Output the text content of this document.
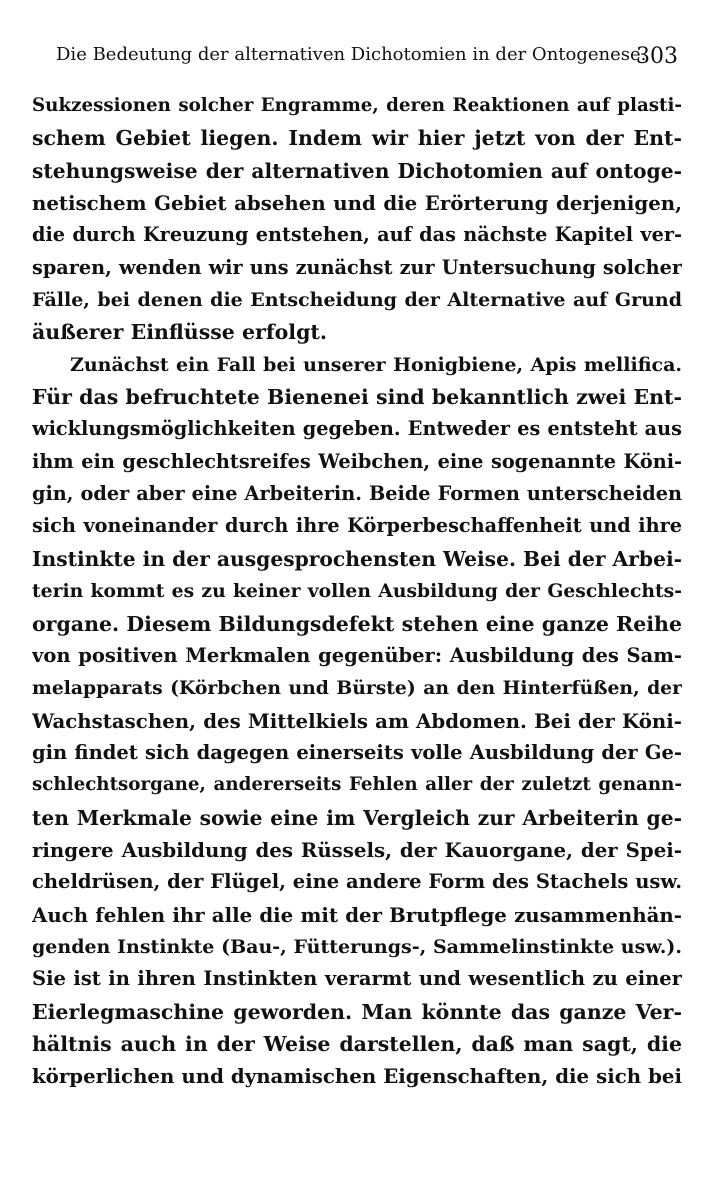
Die Bedeutung der alternativen Dichotomien in der Ontogenese.
303
Sukzessionen solcher Engramme, deren Reaktionen auf plasti-
schem Gebiet liegen. Indem wir hier jetzt von der Ent-
stehungsweise der alternativen Dichotomien auf ontoge-
netischem Gebiet absehen und die Erörterung derjenigen,
die durch Kreuzung entstehen, auf das nächste Kapitel ver-
sparen, wenden wir uns zunächst zur Untersuchung solcher
Fälle, bei denen die Entscheidung der Alternative auf Grund
äußerer Einflüsse erfolgt.
Zunächst ein Fall bei unserer Honigbiene, Apis mellifica.
Für das befruchtete Bienenei sind bekanntlich zwei Ent-
wicklungsmöglichkeiten gegeben. Entweder es entsteht aus
ihm ein geschlechtsreifes Weibchen, eine sogenannte Köni-
gin, oder aber eine Arbeiterin. Beide Formen unterscheiden
sich voneinander durch ihre Körperbeschaffenheit und ihre
Instinkte in der ausgesprochensten Weise. Bei der Arbei-
terin kommt es zu keiner vollen Ausbildung der Geschlechts-
organe. Diesem Bildungsdefekt stehen eine ganze Reihe
von positiven Merkmalen gegenüber: Ausbildung des Sam-
melapparats (Körbchen und Bürste) an den Hinterfüßen, der
Wachstaschen, des Mittelkiels am Abdomen. Bei der Köni-
gin findet sich dagegen einerseits volle Ausbildung der Ge-
schlechtsorgane, andererseits Fehlen aller der zuletzt genann-
ten Merkmale sowie eine im Vergleich zur Arbeiterin ge-
ringere Ausbildung des Rüssels, der Kauorgane, der Spei-
cheldrüsen, der Flügel, eine andere Form des Stachels usw.
Auch fehlen ihr alle die mit der Brutpflege zusammenhän-
genden Instinkte (Bau-, Fütterungs-, Sammelinstinkte usw.).
Sie ist in ihren Instinkten verarmt und wesentlich zu einer
Eierlegmaschine geworden. Man könnte das ganze Ver-
hältnis auch in der Weise darstellen, daß man sagt, die
körperlichen und dynamischen Eigenschaften, die sich bei
